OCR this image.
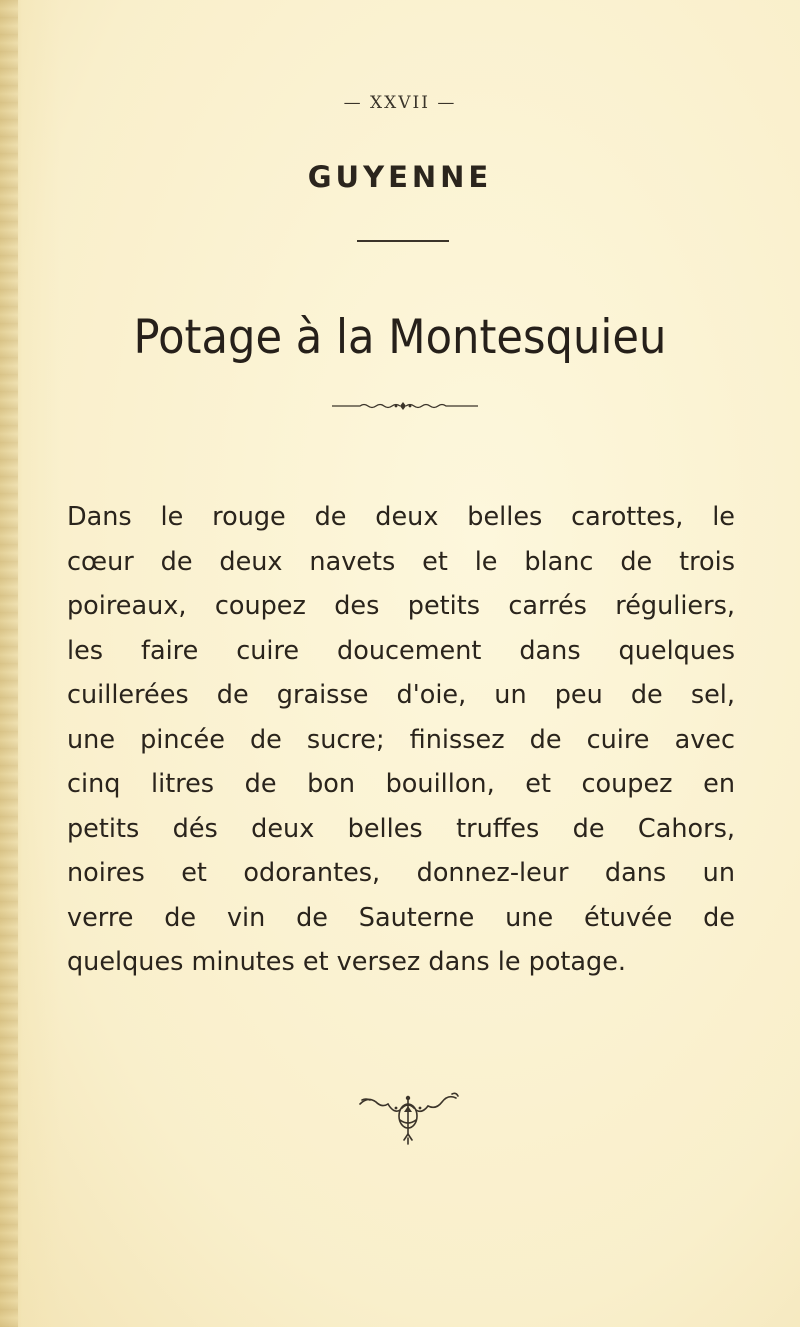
— XXVII —
GUYENNE
Potage à la Montesquieu
Dans le rouge de deux belles carottes, le
cœur de deux navets et le blanc de trois
poireaux, coupez des petits carrés réguliers,
les faire cuire doucement dans quelques
cuillerées de graisse d'oie, un peu de sel,
une pincée de sucre; finissez de cuire avec
cinq litres de bon bouillon, et coupez en
petits dés deux belles truffes de Cahors,
noires et odorantes, donnez-leur dans un
verre de vin de Sauterne une étuvée de
quelques minutes et versez dans le potage.
